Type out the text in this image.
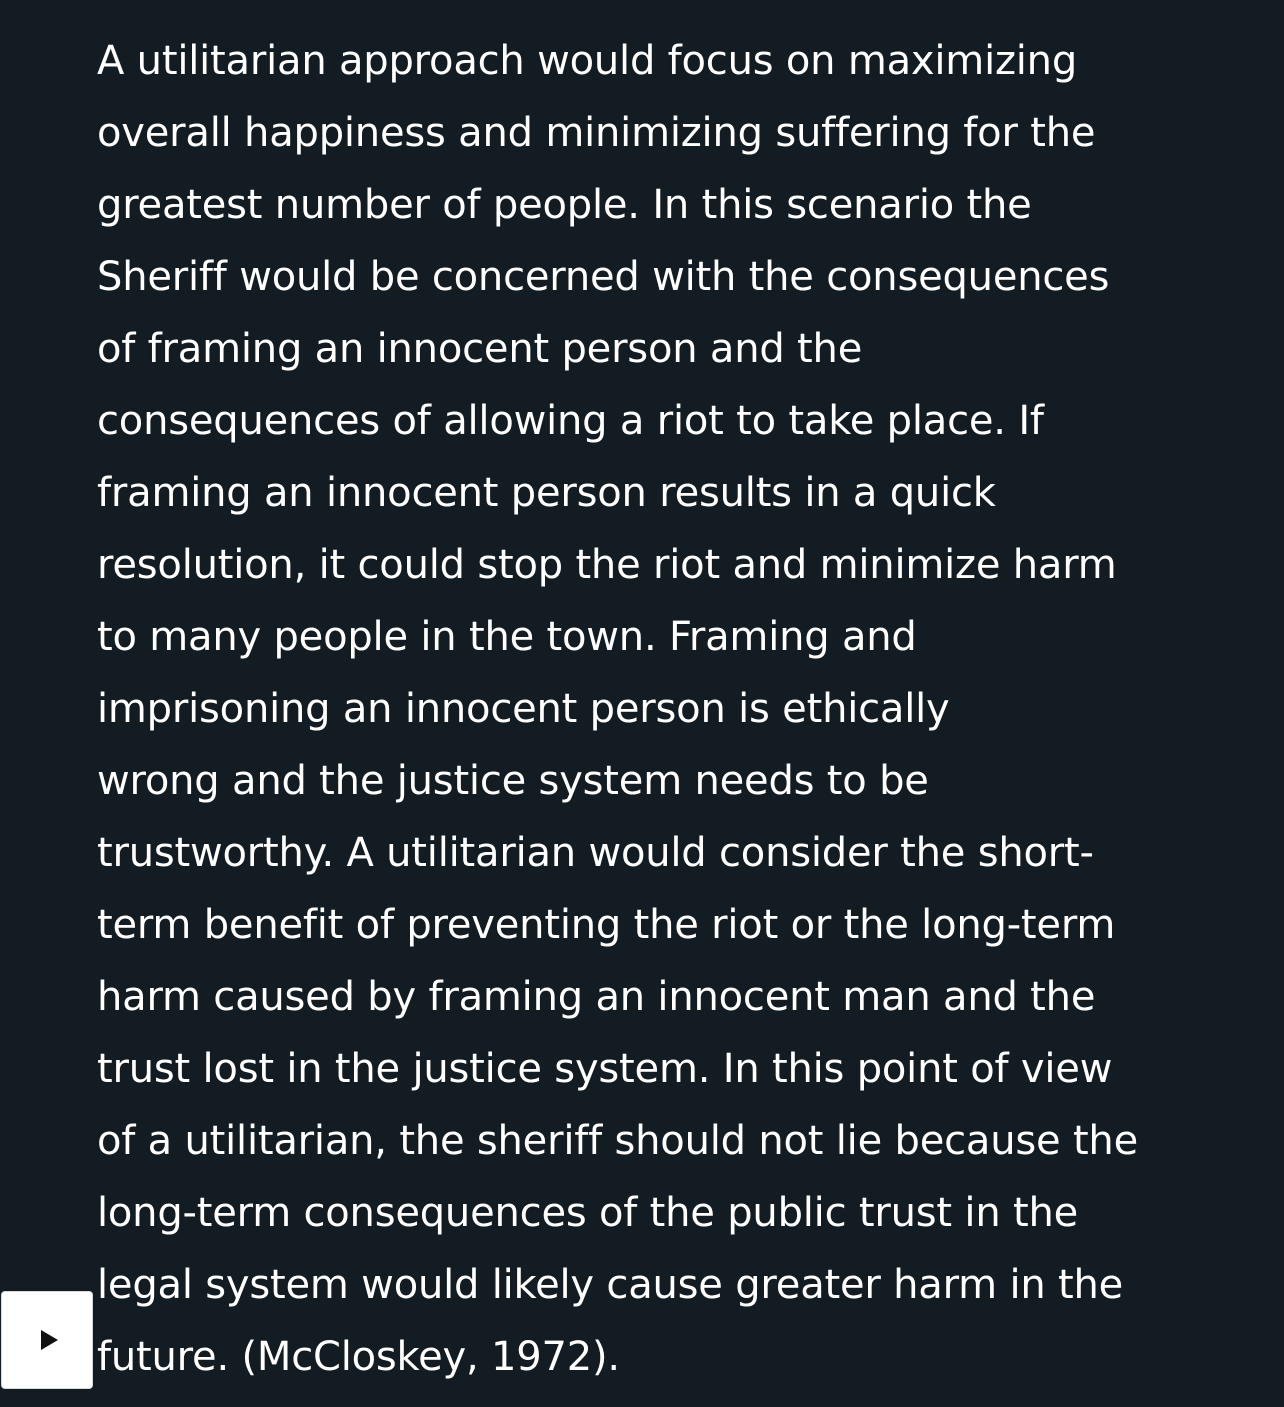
A utilitarian approach would focus on maximizing
overall happiness and minimizing suffering for the
greatest number of people. In this scenario the
Sheriff would be concerned with the consequences
of framing an innocent person and the
consequences of allowing a riot to take place. If
framing an innocent person results in a quick
resolution, it could stop the riot and minimize harm
to many people in the town. Framing and
imprisoning an innocent person is ethically
wrong and the justice system needs to be
trustworthy. A utilitarian would consider the short-
term benefit of preventing the riot or the long-term
harm caused by framing an innocent man and the
trust lost in the justice system. In this point of view
of a utilitarian, the sheriff should not lie because the
long-term consequences of the public trust in the
legal system would likely cause greater harm in the
future. (McCloskey, 1972).
